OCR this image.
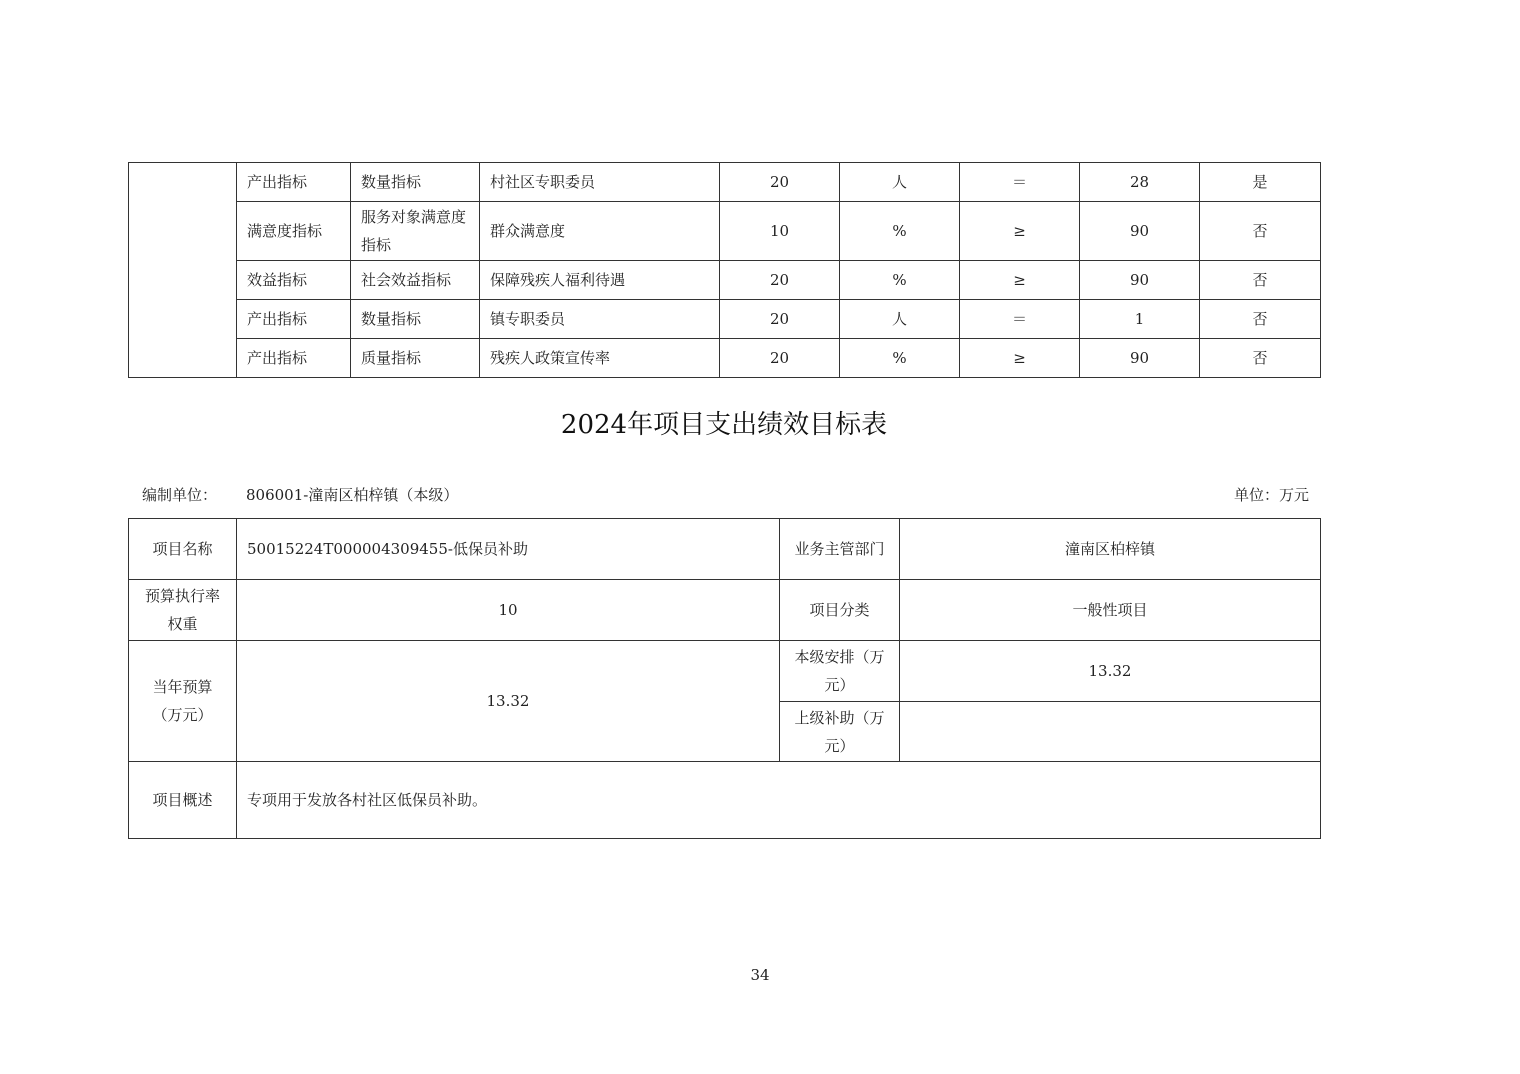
	产出指标	数量指标	村社区专职委员	20	人	＝	28	是
	满意度指标	服务对象满意度指标	群众满意度	10	%	≥	90	否
	效益指标	社会效益指标	保障残疾人福利待遇	20	%	≥	90	否
	产出指标	数量指标	镇专职委员	20	人	＝	1	否
	产出指标	质量指标	残疾人政策宣传率	20	%	≥	90	否
2024年项目支出绩效目标表
编制单位： 806001-潼南区柏梓镇（本级）	单位：万元
项目名称	50015224T000004309455-低保员补助	业务主管部门	潼南区柏梓镇
预算执行率权重	10	项目分类	一般性项目
当年预算（万元）	13.32	本级安排（万元）	13.32
		上级补助（万元）	
项目概述	专项用于发放各村社区低保员补助。		
34
